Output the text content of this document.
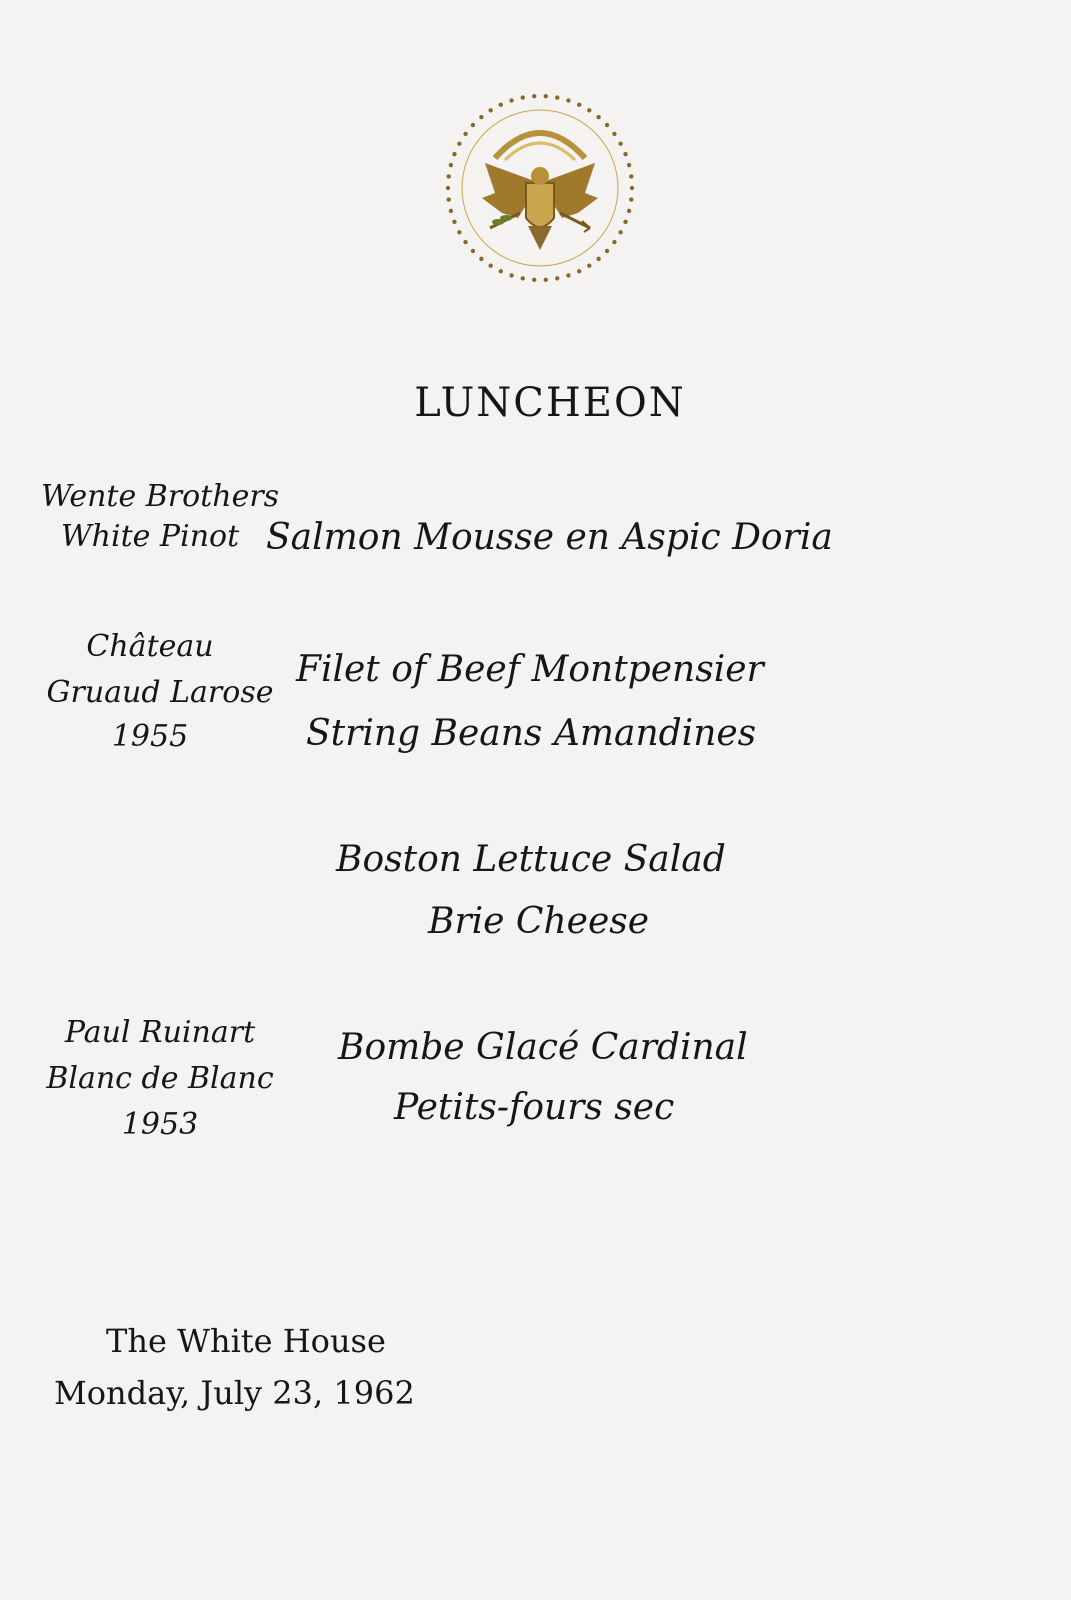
LUNCHEON
Wente Brothers
White Pinot Salmon Mousse en Aspic Doria
Château
Gruaud Larose
1955
Filet of Beef Montpensier
String Beans Amandines
Boston Lettuce Salad
Brie Cheese
Paul Ruinart
Blanc de Blanc
1953
Bombe Glacé Cardinal
Petits-fours sec
The White House
Monday, July 23, 1962
